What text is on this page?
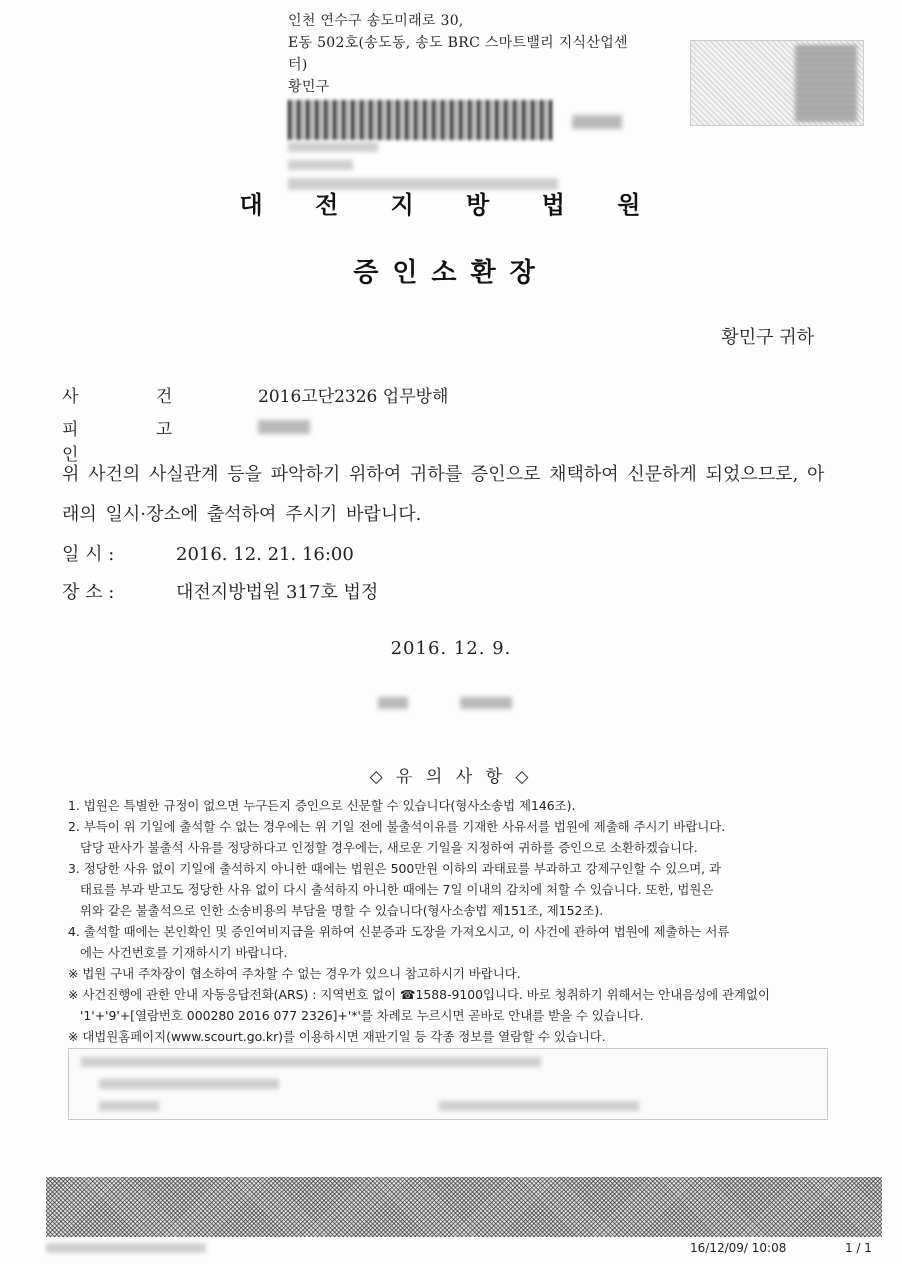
인천 연수구 송도미래로 30,
E동 502호(송도동, 송도 BRC 스마트밸리 지식산업센
터)
황민구
대 전 지 방 법 원
증인소환장
황민구 귀하
사 건	2016고단2326 업무방해
피 고 인
위 사건의 사실관계 등을 파악하기 위하여 귀하를 증인으로 채택하여 신문하게 되었으므로, 아래의 일시·장소에 출석하여 주시기 바랍니다.
일 시 :	2016. 12. 21. 16:00
장 소 :	대전지방법원 317호 법정
2016. 12. 9.
◇ 유 의 사 항 ◇
1. 법원은 특별한 규정이 없으면 누구든지 증인으로 신문할 수 있습니다(형사소송법 제146조).
2. 부득이 위 기일에 출석할 수 없는 경우에는 위 기일 전에 불출석이유를 기재한 사유서를 법원에 제출해 주시기 바랍니다.
담당 판사가 불출석 사유를 정당하다고 인정할 경우에는, 새로운 기일을 지정하여 귀하를 증인으로 소환하겠습니다.
3. 정당한 사유 없이 기일에 출석하지 아니한 때에는 법원은 500만원 이하의 과태료를 부과하고 강제구인할 수 있으며, 과
태료를 부과 받고도 정당한 사유 없이 다시 출석하지 아니한 때에는 7일 이내의 감치에 처할 수 있습니다. 또한, 법원은
위와 같은 불출석으로 인한 소송비용의 부담을 명할 수 있습니다(형사소송법 제151조, 제152조).
4. 출석할 때에는 본인확인 및 증인여비지급을 위하여 신분증과 도장을 가져오시고, 이 사건에 관하여 법원에 제출하는 서류
에는 사건번호를 기재하시기 바랍니다.
※ 법원 구내 주차장이 협소하여 주차할 수 없는 경우가 있으니 참고하시기 바랍니다.
※ 사건진행에 관한 안내 자동응답전화(ARS) : 지역번호 없이 ☎1588-9100입니다. 바로 청취하기 위해서는 안내음성에 관계없이
'1'+'9'+[열람번호 000280 2016 077 2326]+'*'를 차례로 누르시면 곧바로 안내를 받을 수 있습니다.
※ 대법원홈페이지(www.scourt.go.kr)를 이용하시면 재판기일 등 각종 정보를 열람할 수 있습니다.
16/12/09/ 10:08	1 / 1
